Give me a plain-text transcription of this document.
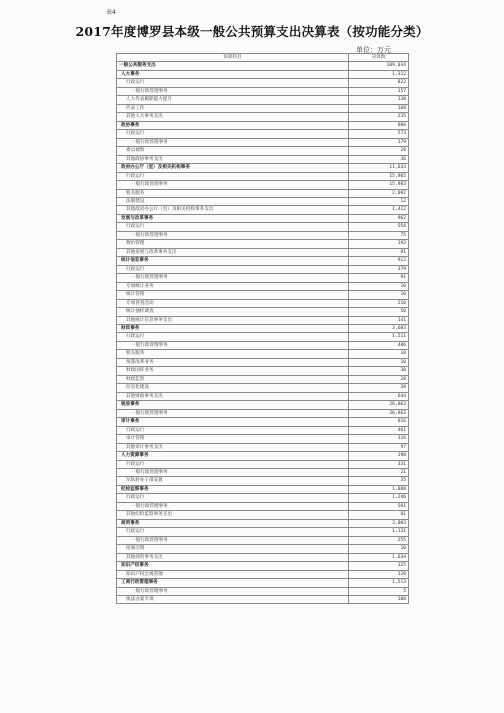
表4
2017年度博罗县本级一般公共预算支出决算表（按功能分类）
单位：万元
预算科目	决算数
一般公共服务支出	109,034
人大事务	1,312
行政运行	822
一般行政管理事务	157
人大代表履职能力提升	130
代表工作	168
其他人大事务支出	235
政协事务	806
行政运行	573
一般行政管理事务	179
委员视察	28
其他政协事务支出	36
政府办公厅（室）及相关机构事务	11,633
行政运行	15,965
一般行政管理事务	15,983
机关服务	2,092
法制建设	12
其他政府办公厅（室）及相关机构事务支出	1,422
发展与改革事务	962
行政运行	554
一般行政管理事务	75
物价管理	192
其他发展与改革事务支出	81
统计信息事务	912
行政运行	379
一般行政管理事务	91
专项统计业务	10
统计管理	10
专项普查活动	210
统计抽样调查	50
其他统计信息事务支出	141
财政事务	3,683
行政运行	1,511
一般行政管理事务	486
机关服务	10
预算改革业务	10
财政国库业务	30
财政监察	28
信息化建设	38
其他财政事务支出	644
税收事务	26,863
一般行政管理事务	26,863
审计事务	816
行政运行	461
审计管理	316
其他审计事务支出	97
人力资源事务	390
行政运行	331
一般行政管理事务	21
军队转业干部安置	35
纪检监察事务	1,888
行政运行	1,246
一般行政管理事务	561
其他纪检监察事务支出	81
商贸事务	3,003
行政运行	1,131
一般行政管理事务	255
招商引资	10
其他商贸事务支出	1,634
知识产权事务	125
知识产权宏观管理	120
工商行政管理事务	1,513
一般行政管理事务	5
执法办案专项	100
